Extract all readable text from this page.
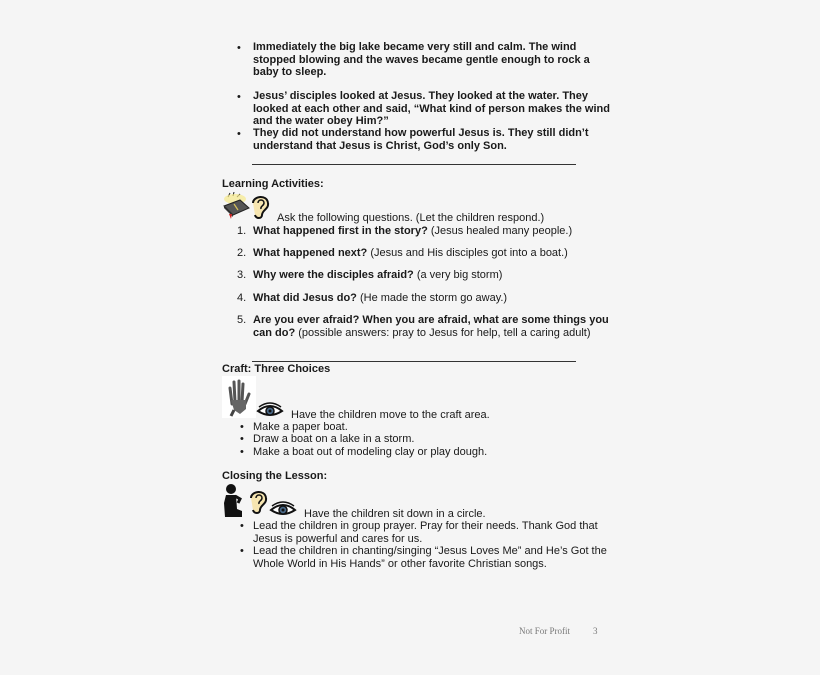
• Immediately the big lake became very still and calm. The wind
stopped blowing and the waves became gentle enough to rock a
baby to sleep.
• Jesus’ disciples looked at Jesus. They looked at the water. They
looked at each other and said, “What kind of person makes the wind
and the water obey Him?”
• They did not understand how powerful Jesus is. They still didn’t
understand that Jesus is Christ, God’s only Son.
Learning Activities:
Ask the following questions. (Let the children respond.)
1. What happened first in the story? (Jesus healed many people.)
2. What happened next? (Jesus and His disciples got into a boat.)
3. Why were the disciples afraid? (a very big storm)
4. What did Jesus do? (He made the storm go away.)
5. Are you ever afraid? When you are afraid, what are some things you
can do? (possible answers: pray to Jesus for help, tell a caring adult)
Craft: Three Choices
Have the children move to the craft area.
• Make a paper boat.
• Draw a boat on a lake in a storm.
• Make a boat out of modeling clay or play dough.
Closing the Lesson:
Have the children sit down in a circle.
• Lead the children in group prayer. Pray for their needs. Thank God that
Jesus is powerful and cares for us.
• Lead the children in chanting/singing “Jesus Loves Me” and He’s Got the
Whole World in His Hands” or other favorite Christian songs.
Not For Profit	3
